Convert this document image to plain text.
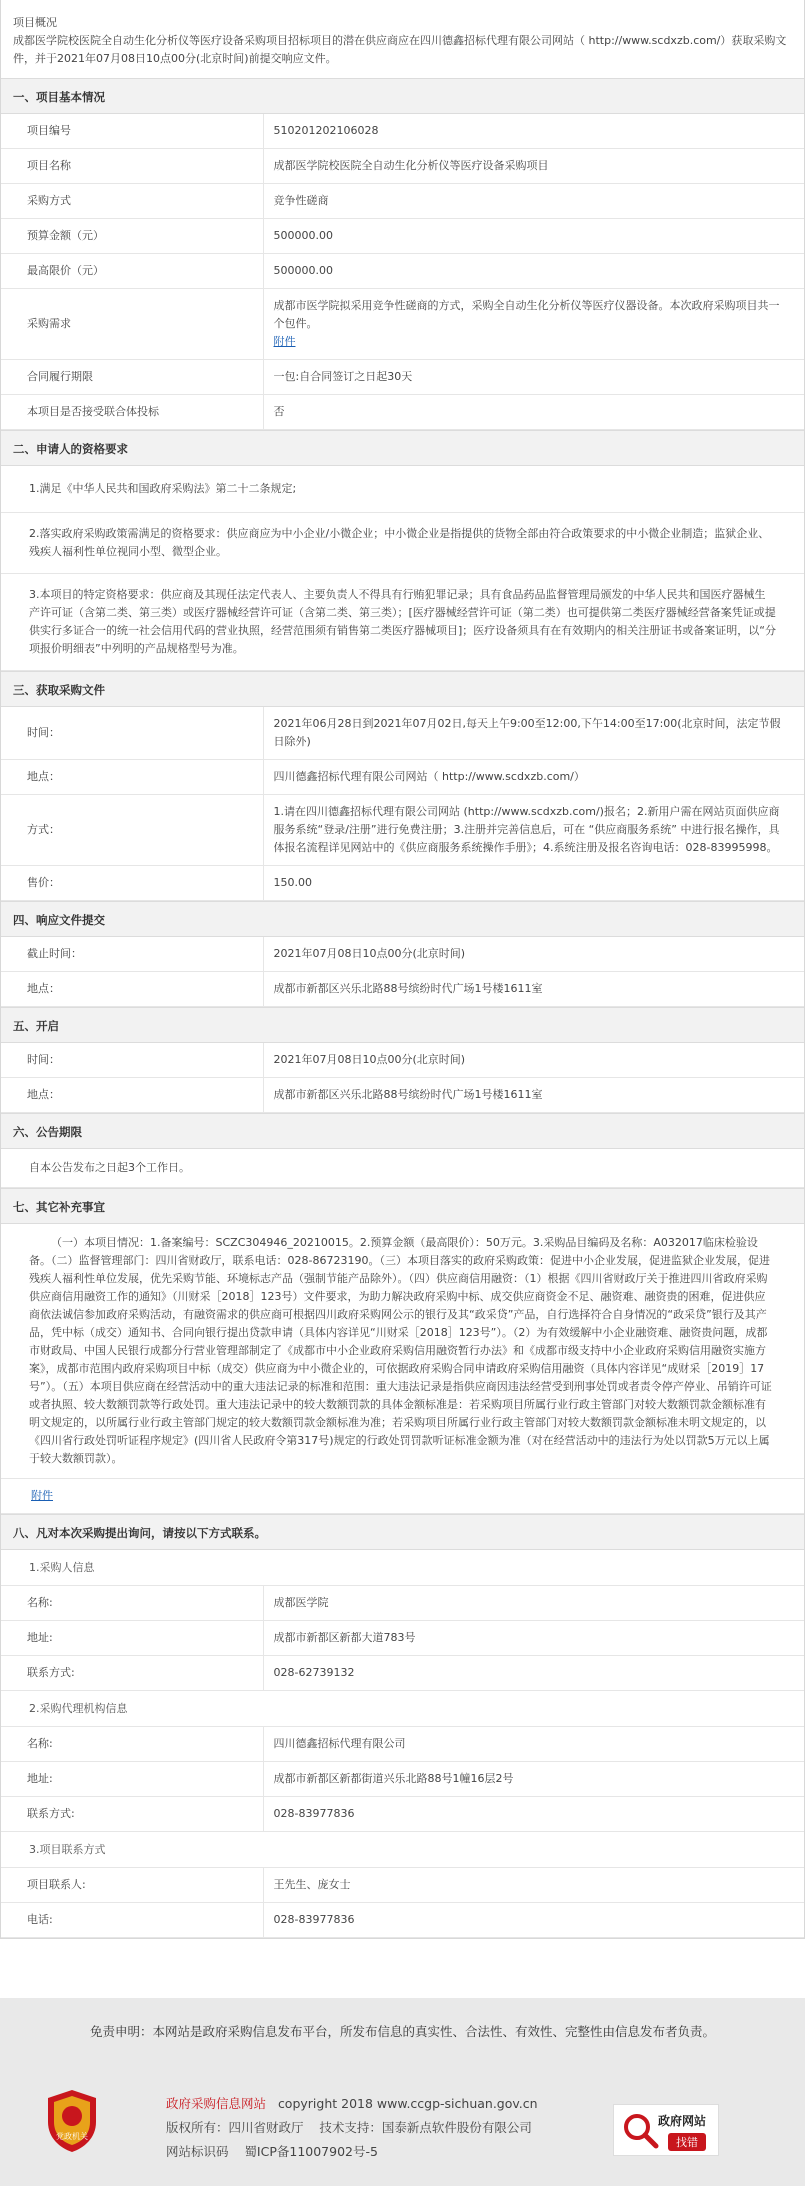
项目概况
成都医学院校医院全自动生化分析仪等医疗设备采购项目招标项目的潜在供应商应在四川德鑫招标代理有限公司网站（ http://www.scdxzb.com/）获取采购文件，并于2021年07月08日10点00分(北京时间)前提交响应文件。
一、项目基本情况
项目编号	510201202106028
项目名称	成都医学院校医院全自动生化分析仪等医疗设备采购项目
采购方式	竞争性磋商
预算金额（元）	500000.00
最高限价（元）	500000.00
采购需求	成都市医学院拟采用竞争性磋商的方式，采购全自动生化分析仪等医疗仪器设备。本次政府采购项目共一个包件。
附件
合同履行期限	一包:自合同签订之日起30天
本项目是否接受联合体投标	否
二、申请人的资格要求
1.满足《中华人民共和国政府采购法》第二十二条规定;
2.落实政府采购政策需满足的资格要求：供应商应为中小企业/小微企业；中小微企业是指提供的货物全部由符合政策要求的中小微企业制造；监狱企业、残疾人福利性单位视同小型、微型企业。
3.本项目的特定资格要求：供应商及其现任法定代表人、主要负责人不得具有行贿犯罪记录；具有食品药品监督管理局颁发的中华人民共和国医疗器械生产许可证（含第二类、第三类）或医疗器械经营许可证（含第二类、第三类）；[医疗器械经营许可证（第二类）也可提供第二类医疗器械经营备案凭证或提供实行多证合一的统一社会信用代码的营业执照，经营范围须有销售第二类医疗器械项目]；医疗设备须具有在有效期内的相关注册证书或备案证明，以“分项报价明细表”中列明的产品规格型号为准。
三、获取采购文件
时间：	2021年06月28日到2021年07月02日,每天上午9:00至12:00,下午14:00至17:00(北京时间，法定节假日除外)
地点：	四川德鑫招标代理有限公司网站（ http://www.scdxzb.com/）
方式：	1.请在四川德鑫招标代理有限公司网站 (http://www.scdxzb.com/)报名；2.新用户需在网站页面供应商服务系统“登录/注册”进行免费注册；3.注册并完善信息后，可在 “供应商服务系统” 中进行报名操作，具体报名流程详见网站中的《供应商服务系统操作手册》；4.系统注册及报名咨询电话：028-83995998。
售价：	150.00
四、响应文件提交
截止时间：	2021年07月08日10点00分(北京时间)
地点：	成都市新都区兴乐北路88号缤纷时代广场1号楼1611室
五、开启
时间：	2021年07月08日10点00分(北京时间)
地点：	成都市新都区兴乐北路88号缤纷时代广场1号楼1611室
六、公告期限
自本公告发布之日起3个工作日。
七、其它补充事宜
（一）本项目情况：1.备案编号：SCZC304946_20210015。2.预算金额（最高限价）：50万元。3.采购品目编码及名称：A032017临床检验设备。（二）监督管理部门：四川省财政厅，联系电话：028-86723190。（三）本项目落实的政府采购政策：促进中小企业发展，促进监狱企业发展，促进残疾人福利性单位发展，优先采购节能、环境标志产品（强制节能产品除外）。（四）供应商信用融资：（1）根据《四川省财政厅关于推进四川省政府采购供应商信用融资工作的通知》（川财采［2018］123号）文件要求，为助力解决政府采购中标、成交供应商资金不足、融资难、融资贵的困难，促进供应商依法诚信参加政府采购活动，有融资需求的供应商可根据四川政府采购网公示的银行及其“政采贷”产品，自行选择符合自身情况的“政采贷”银行及其产品，凭中标（成交）通知书、合同向银行提出贷款申请（具体内容详见“川财采［2018］123号”）。（2）为有效缓解中小企业融资难、融资贵问题，成都市财政局、中国人民银行成都分行营业管理部制定了《成都市中小企业政府采购信用融资暂行办法》和《成都市级支持中小企业政府采购信用融资实施方案》，成都市范围内政府采购项目中标（成交）供应商为中小微企业的，可依据政府采购合同申请政府采购信用融资（具体内容详见“成财采［2019］17号”）。（五）本项目供应商在经营活动中的重大违法记录的标准和范围：重大违法记录是指供应商因违法经营受到刑事处罚或者责令停产停业、吊销许可证或者执照、较大数额罚款等行政处罚。重大违法记录中的较大数额罚款的具体金额标准是：若采购项目所属行业行政主管部门对较大数额罚款金额标准有明文规定的，以所属行业行政主管部门规定的较大数额罚款金额标准为准；若采购项目所属行业行政主管部门对较大数额罚款金额标准未明文规定的，以《四川省行政处罚听证程序规定》(四川省人民政府令第317号)规定的行政处罚罚款听证标准金额为准（对在经营活动中的违法行为处以罚款5万元以上属于较大数额罚款）。
附件
八、凡对本次采购提出询问，请按以下方式联系。
1.采购人信息
名称:	成都医学院
地址:	成都市新都区新都大道783号
联系方式:	028-62739132
2.采购代理机构信息
名称:	四川德鑫招标代理有限公司
地址:	成都市新都区新都街道兴乐北路88号1幢16层2号
联系方式:	028-83977836
3.项目联系方式
项目联系人:	王先生、庞女士
电话:	028-83977836
免责申明：本网站是政府采购信息发布平台，所发布信息的真实性、合法性、有效性、完整性由信息发布者负责。
党政机关
政府采购信息网站 copyright 2018 www.ccgp-sichuan.gov.cn
版权所有：四川省财政厅 技术支持：国泰新点软件股份有限公司
网站标识码 蜀ICP备11007902号-5
政府网站
找错
